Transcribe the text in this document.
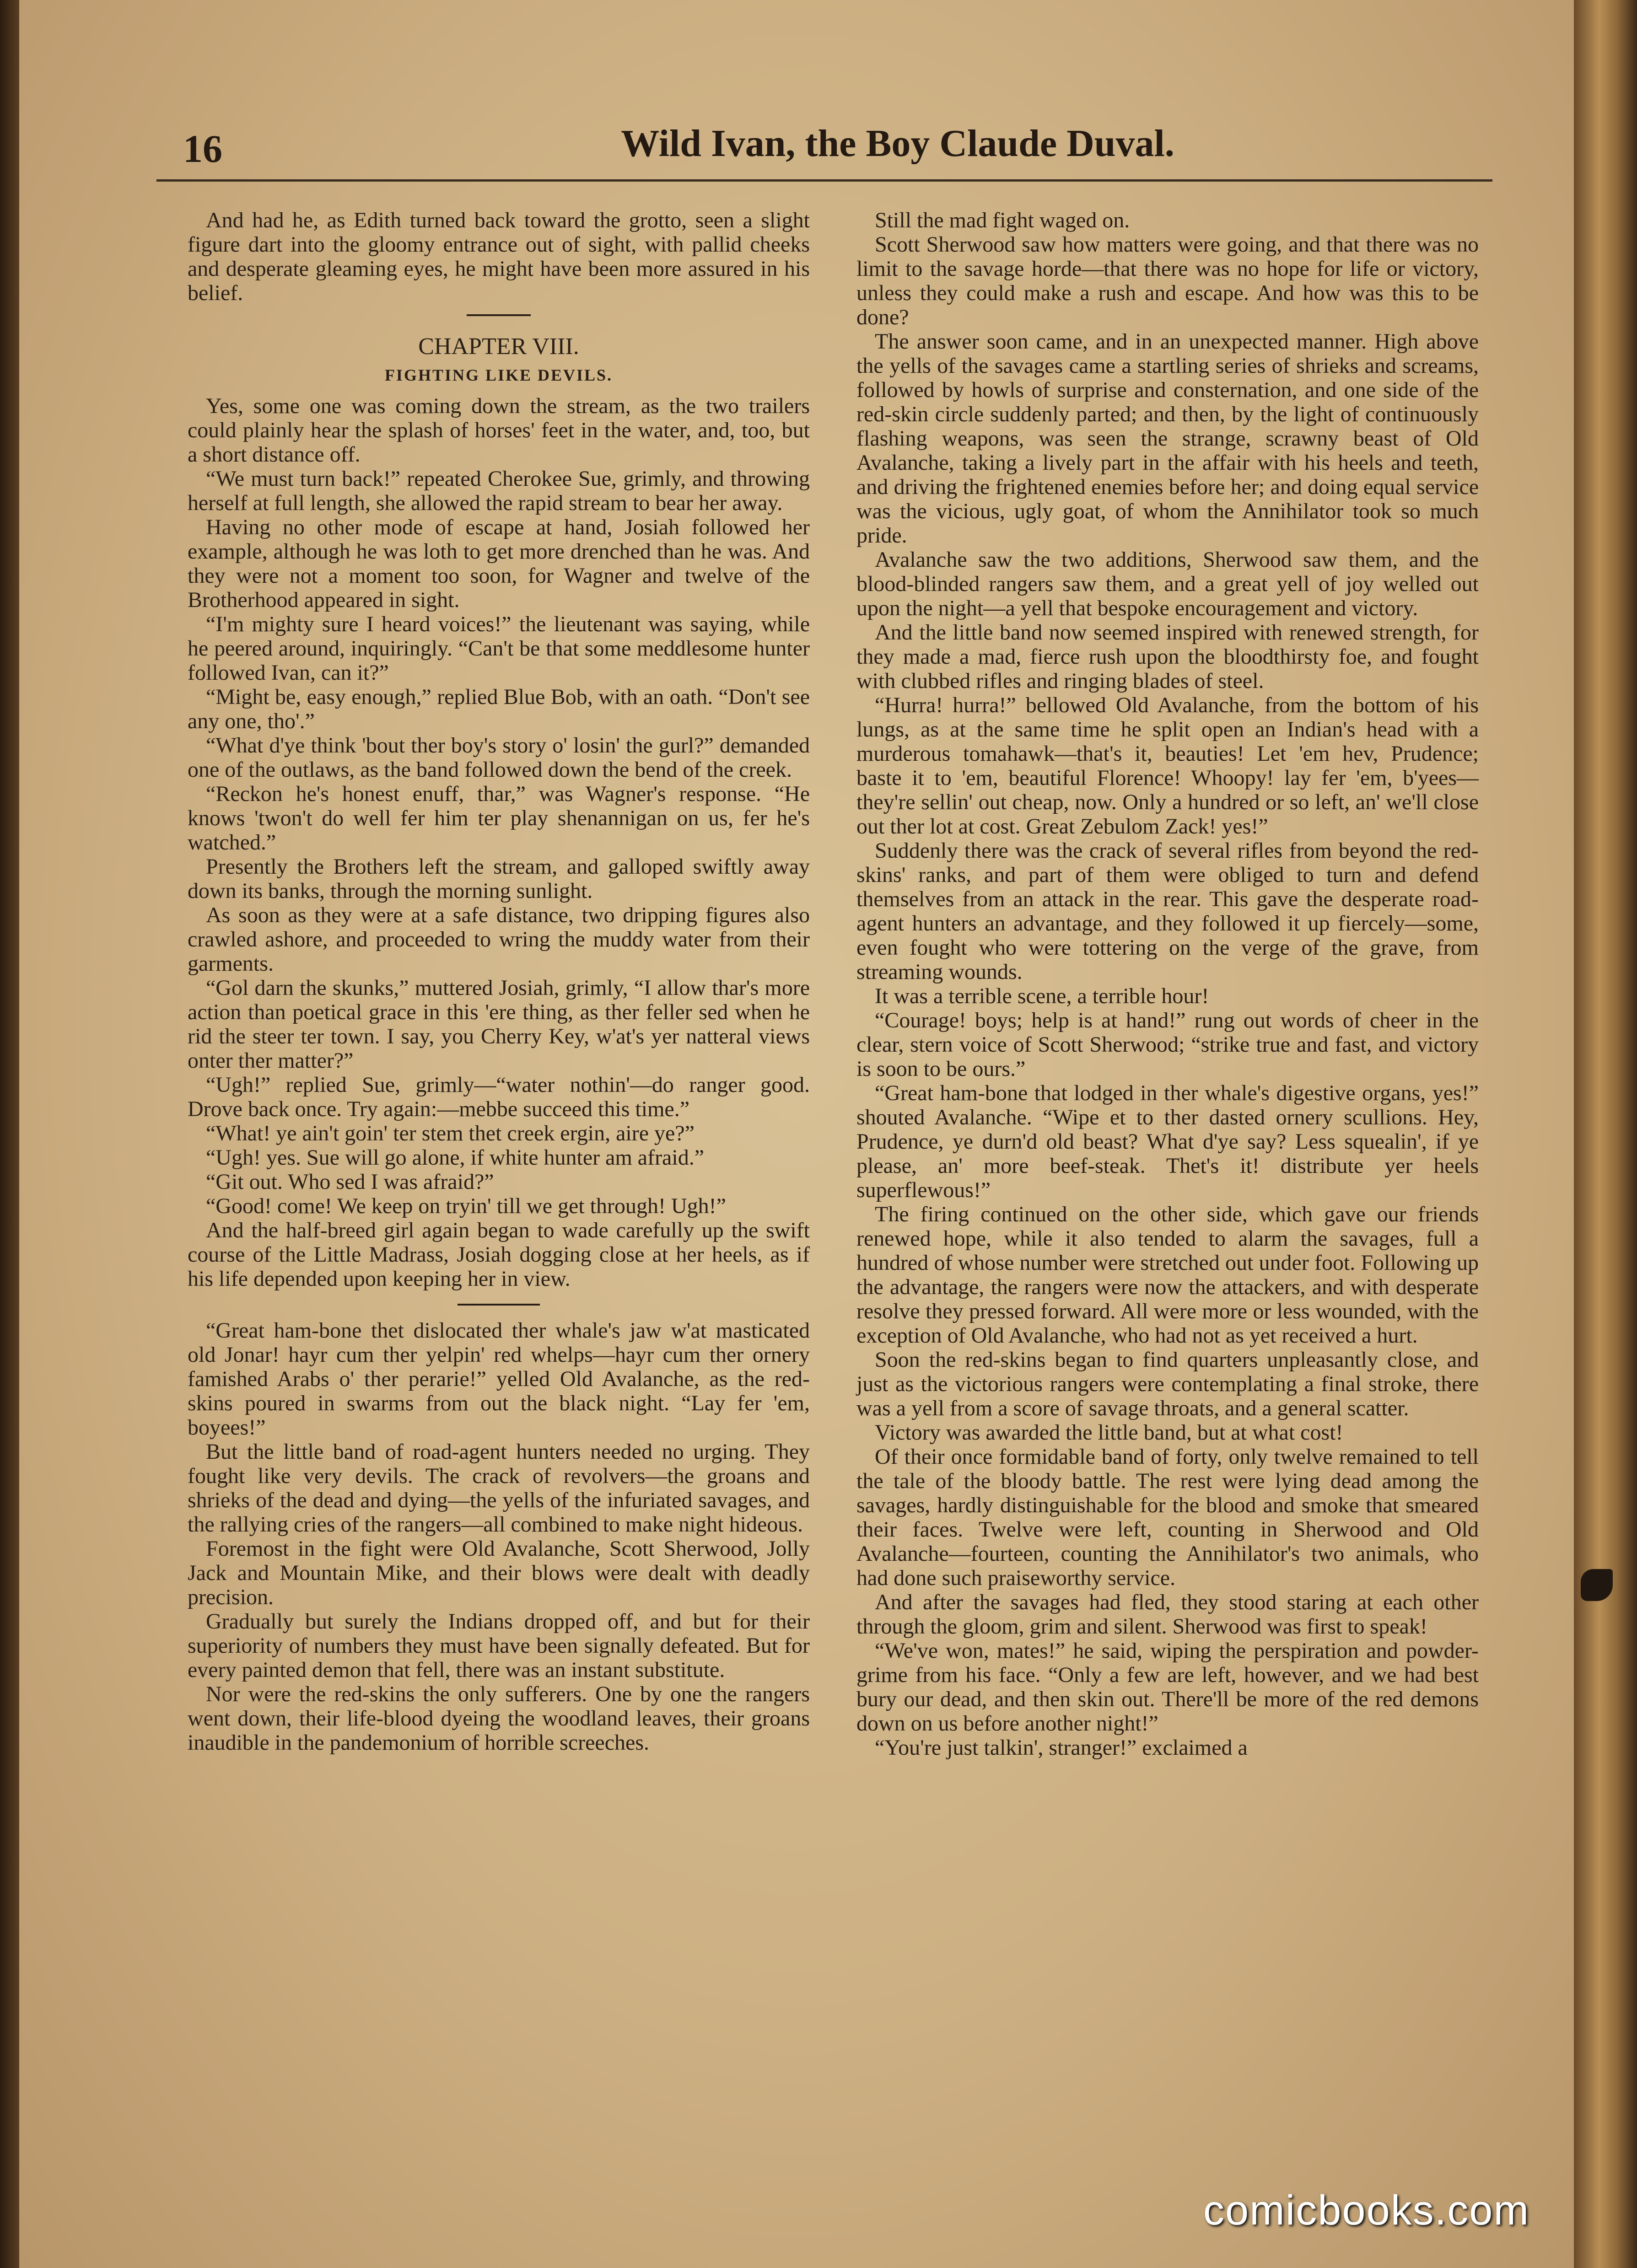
16	Wild Ivan, the Boy Claude Duval.

And had he, as Edith turned back toward the grotto, seen a slight figure dart into the gloomy entrance out of sight, with pallid cheeks and desperate gleaming eyes, he might have been more assured in his belief.

CHAPTER VIII.

FIGHTING LIKE DEVILS.

Yes, some one was coming down the stream, as the two trailers could plainly hear the splash of horses' feet in the water, and, too, but a short distance off.

“We must turn back!” repeated Cherokee Sue, grimly, and throwing herself at full length, she allowed the rapid stream to bear her away.

Having no other mode of escape at hand, Josiah followed her example, although he was loth to get more drenched than he was. And they were not a moment too soon, for Wagner and twelve of the Brotherhood appeared in sight.

“I'm mighty sure I heard voices!” the lieutenant was saying, while he peered around, inquiringly. “Can't be that some meddlesome hunter followed Ivan, can it?”

“Might be, easy enough,” replied Blue Bob, with an oath. “Don't see any one, tho'.”

“What d'ye think 'bout ther boy's story o' losin' the gurl?” demanded one of the outlaws, as the band followed down the bend of the creek.

“Reckon he's honest enuff, thar,” was Wagner's response. “He knows 'twon't do well fer him ter play shenannigan on us, fer he's watched.”

Presently the Brothers left the stream, and galloped swiftly away down its banks, through the morning sunlight.

As soon as they were at a safe distance, two dripping figures also crawled ashore, and proceeded to wring the muddy water from their garments.

“Gol darn the skunks,” muttered Josiah, grimly, “I allow thar's more action than poetical grace in this 'ere thing, as ther feller sed when he rid the steer ter town. I say, you Cherry Key, w'at's yer natteral views onter ther matter?”

“Ugh!” replied Sue, grimly—“water nothin'—do ranger good. Drove back once. Try again:—mebbe succeed this time.”

“What! ye ain't goin' ter stem thet creek ergin, aire ye?”

“Ugh! yes. Sue will go alone, if white hunter am afraid.”

“Git out. Who sed I was afraid?”

“Good! come! We keep on tryin' till we get through! Ugh!”

And the half-breed girl again began to wade carefully up the swift course of the Little Madrass, Josiah dogging close at her heels, as if his life depended upon keeping her in view.

“Great ham-bone thet dislocated ther whale's jaw w'at masticated old Jonar! hayr cum ther yelpin' red whelps—hayr cum ther ornery famished Arabs o' ther perarie!” yelled Old Avalanche, as the red-skins poured in swarms from out the black night. “Lay fer 'em, boyees!”

But the little band of road-agent hunters needed no urging. They fought like very devils. The crack of revolvers—the groans and shrieks of the dead and dying—the yells of the infuriated savages, and the rallying cries of the rangers—all combined to make night hideous.

Foremost in the fight were Old Avalanche, Scott Sherwood, Jolly Jack and Mountain Mike, and their blows were dealt with deadly precision.

Gradually but surely the Indians dropped off, and but for their superiority of numbers they must have been signally defeated. But for every painted demon that fell, there was an instant substitute.

Nor were the red-skins the only sufferers. One by one the rangers went down, their life-blood dyeing the woodland leaves, their groans inaudible in the pandemonium of horrible screeches.

Still the mad fight waged on.

Scott Sherwood saw how matters were going, and that there was no limit to the savage horde—that there was no hope for life or victory, unless they could make a rush and escape. And how was this to be done?

The answer soon came, and in an unexpected manner. High above the yells of the savages came a startling series of shrieks and screams, followed by howls of surprise and consternation, and one side of the red-skin circle suddenly parted; and then, by the light of continuously flashing weapons, was seen the strange, scrawny beast of Old Avalanche, taking a lively part in the affair with his heels and teeth, and driving the frightened enemies before her; and doing equal service was the vicious, ugly goat, of whom the Annihilator took so much pride.

Avalanche saw the two additions, Sherwood saw them, and the blood-blinded rangers saw them, and a great yell of joy welled out upon the night—a yell that bespoke encouragement and victory.

And the little band now seemed inspired with renewed strength, for they made a mad, fierce rush upon the bloodthirsty foe, and fought with clubbed rifles and ringing blades of steel.

“Hurra! hurra!” bellowed Old Avalanche, from the bottom of his lungs, as at the same time he split open an Indian's head with a murderous tomahawk—that's it, beauties! Let 'em hev, Prudence; baste it to 'em, beautiful Florence! Whoopy! lay fer 'em, b'yees—they're sellin' out cheap, now. Only a hundred or so left, an' we'll close out ther lot at cost. Great Zebulom Zack! yes!”

Suddenly there was the crack of several rifles from beyond the red-skins' ranks, and part of them were obliged to turn and defend themselves from an attack in the rear. This gave the desperate road-agent hunters an advantage, and they followed it up fiercely—some, even fought who were tottering on the verge of the grave, from streaming wounds.

It was a terrible scene, a terrible hour!

“Courage! boys; help is at hand!” rung out words of cheer in the clear, stern voice of Scott Sherwood; “strike true and fast, and victory is soon to be ours.”

“Great ham-bone that lodged in ther whale's digestive organs, yes!” shouted Avalanche. “Wipe et to ther dasted ornery scullions. Hey, Prudence, ye durn'd old beast? What d'ye say? Less squealin', if ye please, an' more beef-steak. Thet's it! distribute yer heels superflewous!”

The firing continued on the other side, which gave our friends renewed hope, while it also tended to alarm the savages, full a hundred of whose number were stretched out under foot. Following up the advantage, the rangers were now the attackers, and with desperate resolve they pressed forward. All were more or less wounded, with the exception of Old Avalanche, who had not as yet received a hurt.

Soon the red-skins began to find quarters unpleasantly close, and just as the victorious rangers were contemplating a final stroke, there was a yell from a score of savage throats, and a general scatter.

Victory was awarded the little band, but at what cost!

Of their once formidable band of forty, only twelve remained to tell the tale of the bloody battle. The rest were lying dead among the savages, hardly distinguishable for the blood and smoke that smeared their faces. Twelve were left, counting in Sherwood and Old Avalanche—fourteen, counting the Annihilator's two animals, who had done such praiseworthy service.

And after the savages had fled, they stood staring at each other through the gloom, grim and silent. Sherwood was first to speak!

“We've won, mates!” he said, wiping the perspiration and powder-grime from his face. “Only a few are left, however, and we had best bury our dead, and then skin out. There'll be more of the red demons down on us before another night!”

“You're just talkin', stranger!” exclaimed a

comicbooks.com
